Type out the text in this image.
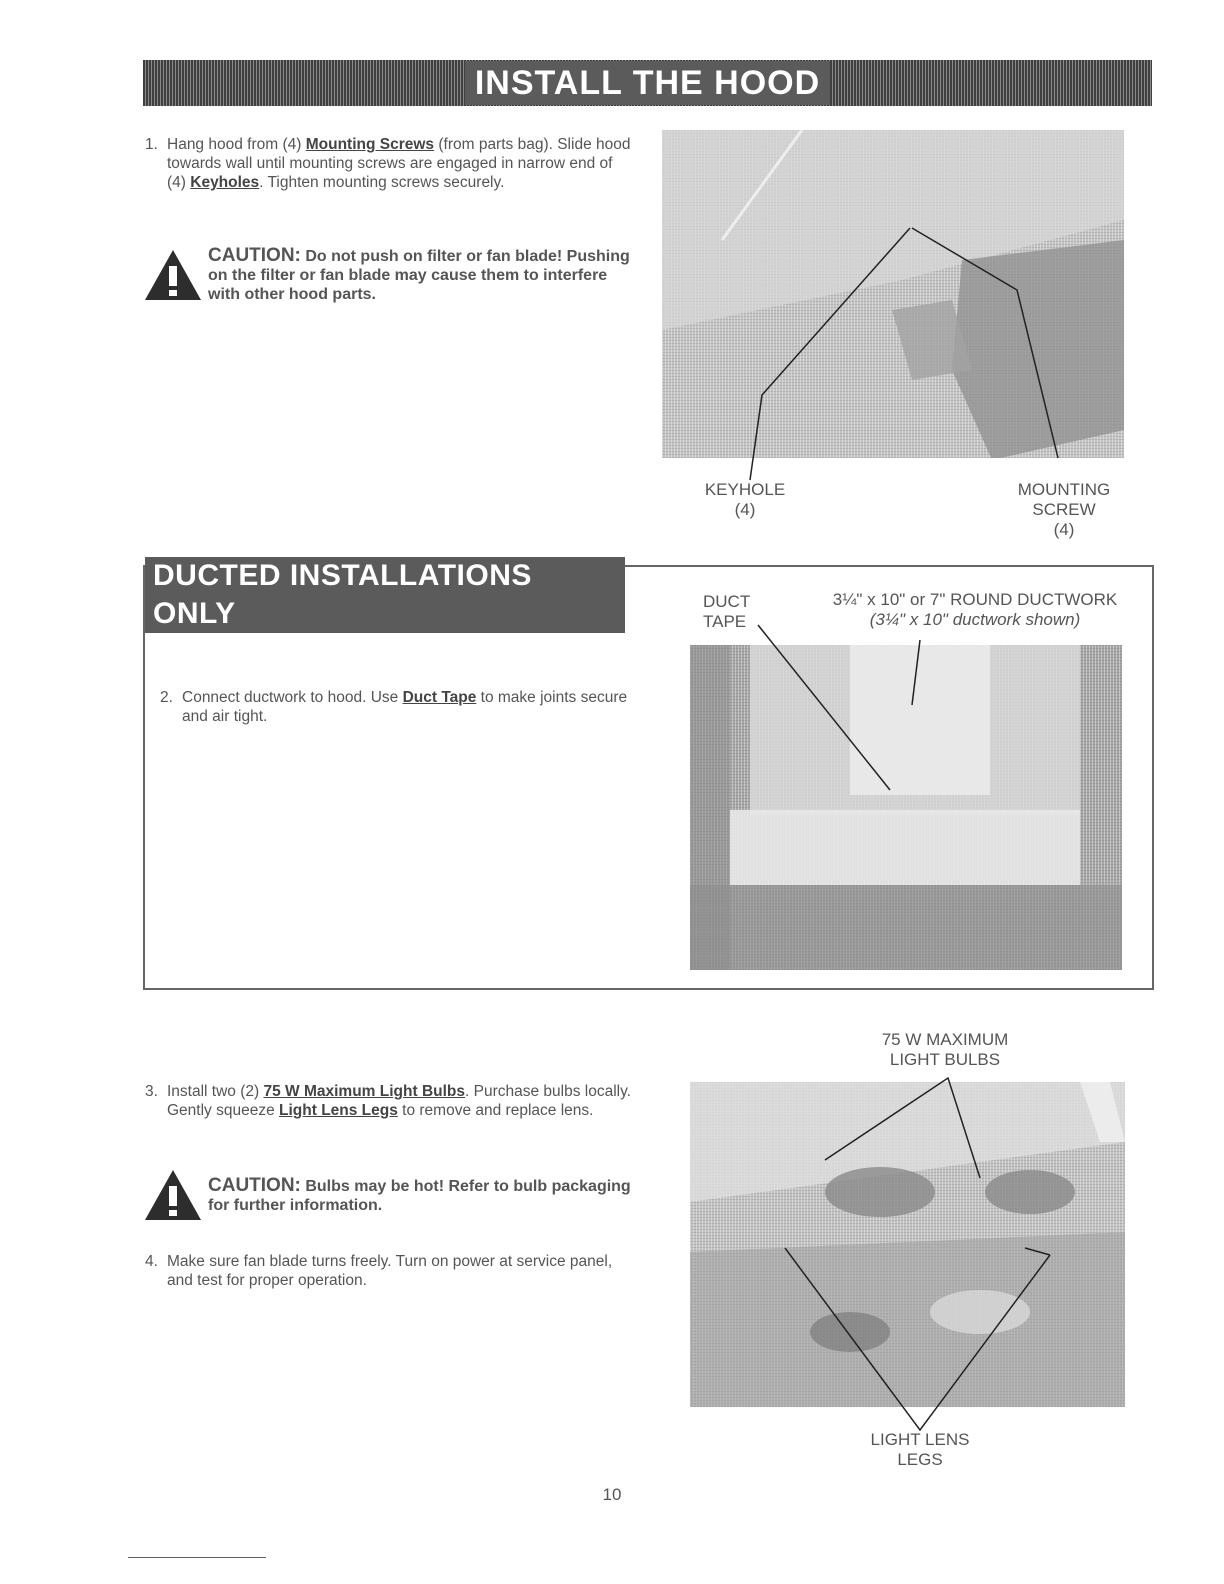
INSTALL THE HOOD
1. Hang hood from (4) Mounting Screws (from parts bag). Slide hood towards wall until mounting screws are engaged in narrow end of (4) Keyholes. Tighten mounting screws securely.
CAUTION: Do not push on filter or fan blade! Pushing on the filter or fan blade may cause them to interfere with other hood parts.
KEYHOLE
(4)
MOUNTING
SCREW
(4)
DUCTED INSTALLATIONS ONLY
2. Connect ductwork to hood. Use Duct Tape to make joints secure and air tight.
DUCT
TAPE
3¼" x 10" or 7" ROUND DUCTWORK
(3¼" x 10" ductwork shown)
3. Install two (2) 75 W Maximum Light Bulbs. Purchase bulbs locally. Gently squeeze Light Lens Legs to remove and replace lens.
CAUTION: Bulbs may be hot! Refer to bulb packaging for further information.
4. Make sure fan blade turns freely. Turn on power at service panel, and test for proper operation.
75 W MAXIMUM
LIGHT BULBS
LIGHT LENS
LEGS
10
